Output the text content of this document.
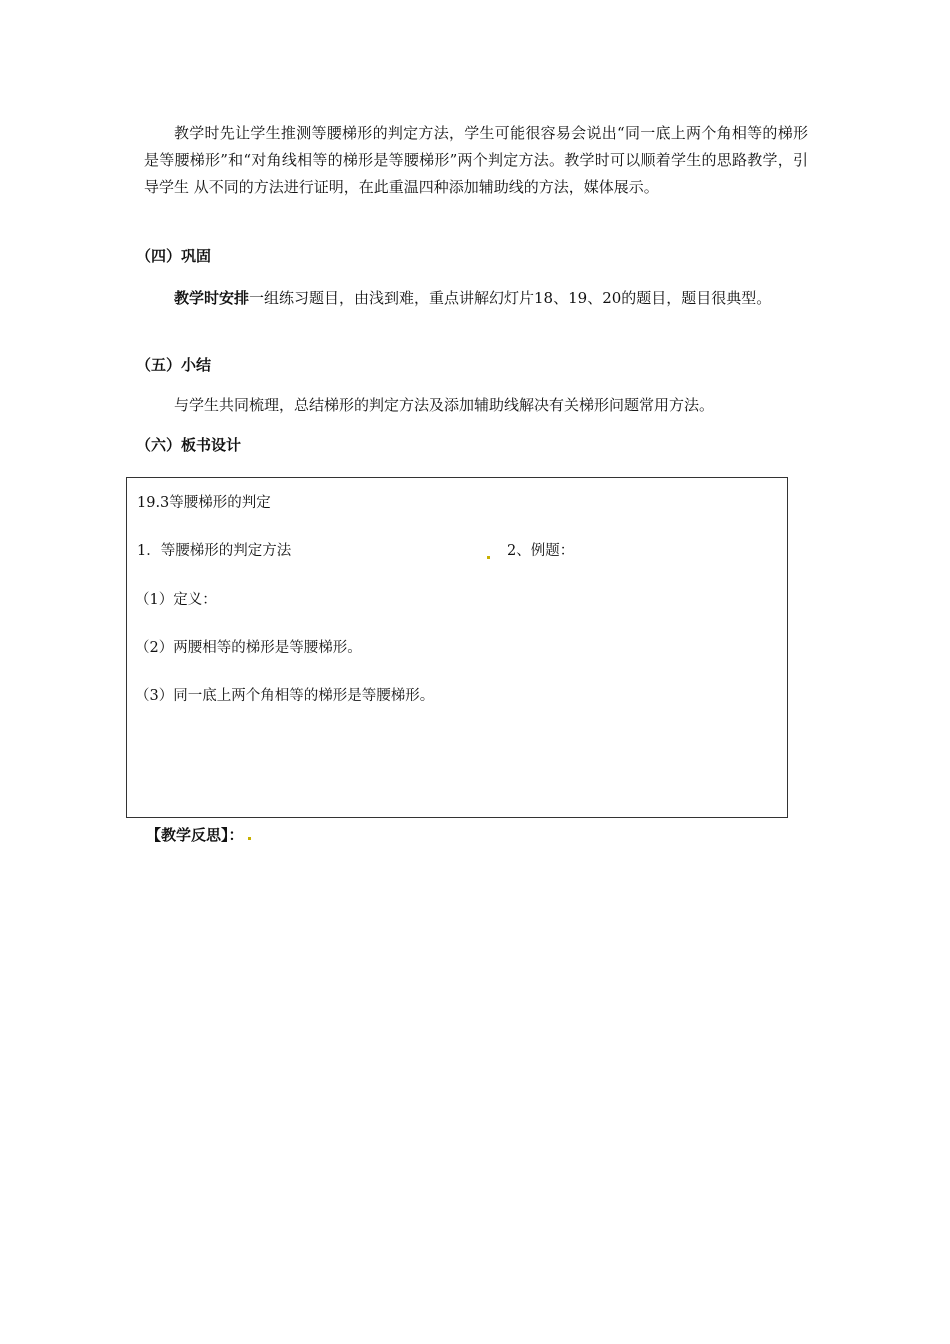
教学时先让学生推测等腰梯形的判定方法，学生可能很容易会说出“同一底上两个角相等的梯形是等腰梯形”和“对角线相等的梯形是等腰梯形”两个判定方法。教学时可以顺着学生的思路教学，引导学生 从不同的方法进行证明，在此重温四种添加辅助线的方法，媒体展示。
（四）巩固
教学时安排一组练习题目，由浅到难，重点讲解幻灯片18、19、20的题目，题目很典型。
（五）小结
与学生共同梳理，总结梯形的判定方法及添加辅助线解决有关梯形问题常用方法。
（六）板书设计
19.3等腰梯形的判定
1．等腰梯形的判定方法	2、例题：
（1）定义：
（2）两腰相等的梯形是等腰梯形。
（3）同一底上两个角相等的梯形是等腰梯形。
【教学反思】：
